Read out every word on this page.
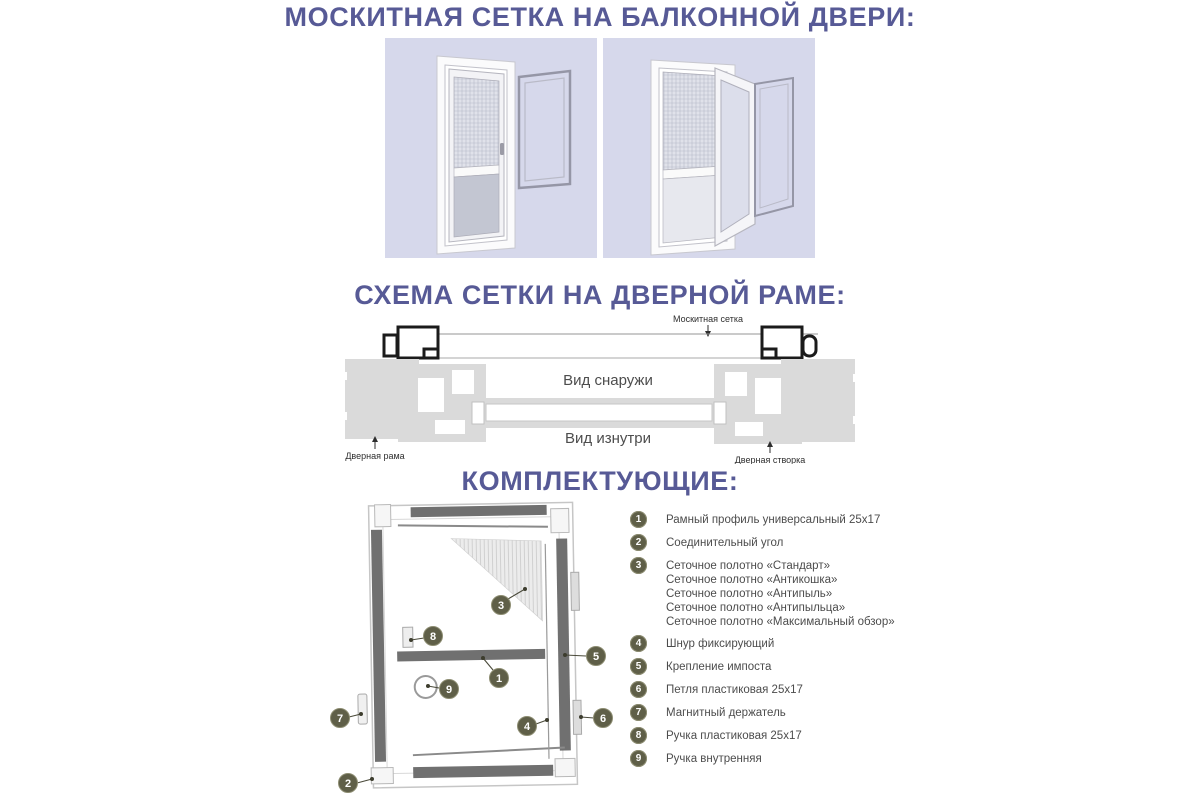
МОСКИТНАЯ СЕТКА НА БАЛКОННОЙ ДВЕРИ:
СХЕМА СЕТКИ НА ДВЕРНОЙ РАМЕ:
Москитная сетка
Вид снаружи
Вид изнутри
Дверная рама	Дверная створка
КОМПЛЕКТУЮЩИЕ:
3
8
5
1
9
7
4
6
2
1	Рамный профиль универсальный 25х17
2	Соединительный угол
3	Сеточное полотно «Стандарт»
Сеточное полотно «Антикошка»
Сеточное полотно «Антипыль»
Сеточное полотно «Антипыльца»
Сеточное полотно «Максимальный обзор»
4	Шнур фиксирующий
5	Крепление импоста
6	Петля пластиковая 25х17
7	Магнитный держатель
8	Ручка пластиковая 25х17
9	Ручка внутренняя
